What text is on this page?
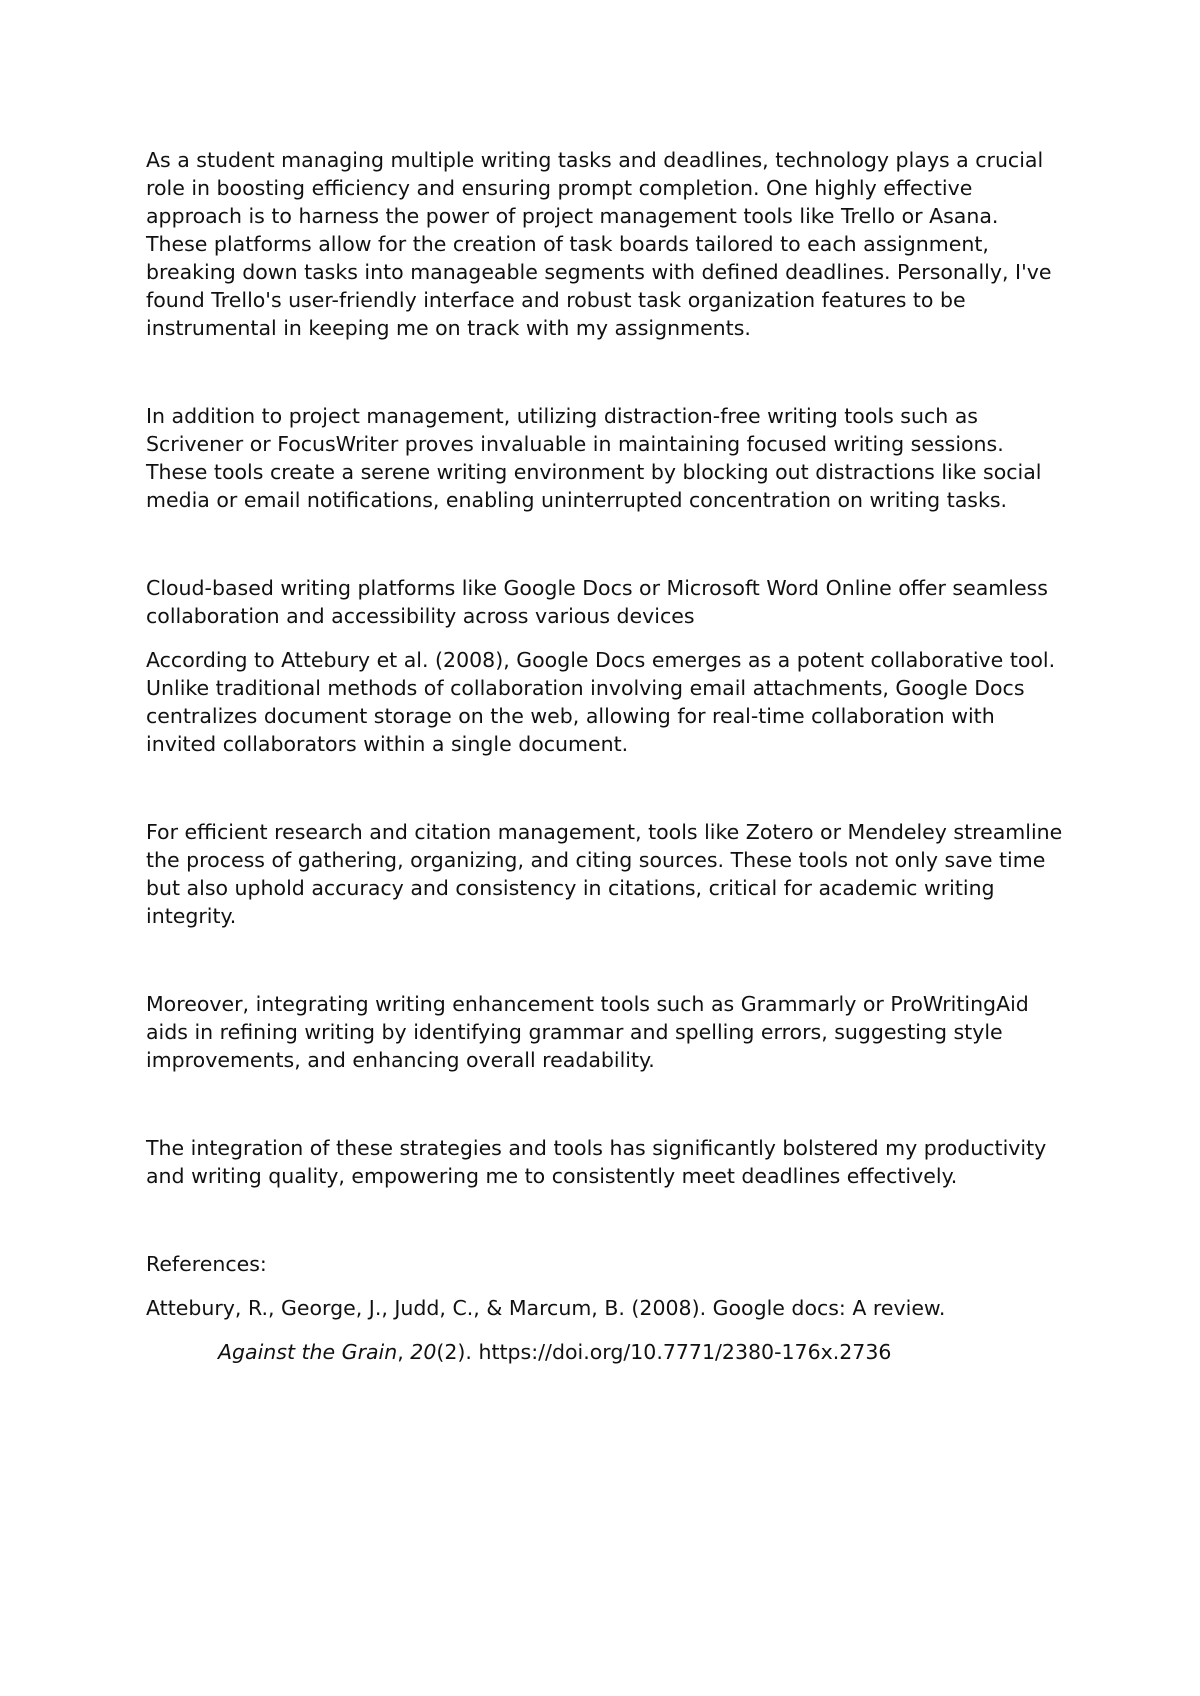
As a student managing multiple writing tasks and deadlines, technology plays a crucial role in boosting efficiency and ensuring prompt completion. One highly effective approach is to harness the power of project management tools like Trello or Asana. These platforms allow for the creation of task boards tailored to each assignment, breaking down tasks into manageable segments with defined deadlines. Personally, I've found Trello's user-friendly interface and robust task organization features to be instrumental in keeping me on track with my assignments.

In addition to project management, utilizing distraction-free writing tools such as Scrivener or FocusWriter proves invaluable in maintaining focused writing sessions. These tools create a serene writing environment by blocking out distractions like social media or email notifications, enabling uninterrupted concentration on writing tasks.

Cloud-based writing platforms like Google Docs or Microsoft Word Online offer seamless collaboration and accessibility across various devices

According to Attebury et al. (2008), Google Docs emerges as a potent collaborative tool. Unlike traditional methods of collaboration involving email attachments, Google Docs centralizes document storage on the web, allowing for real-time collaboration with invited collaborators within a single document.

For efficient research and citation management, tools like Zotero or Mendeley streamline the process of gathering, organizing, and citing sources. These tools not only save time but also uphold accuracy and consistency in citations, critical for academic writing integrity.

Moreover, integrating writing enhancement tools such as Grammarly or ProWritingAid aids in refining writing by identifying grammar and spelling errors, suggesting style improvements, and enhancing overall readability.

The integration of these strategies and tools has significantly bolstered my productivity and writing quality, empowering me to consistently meet deadlines effectively.

References:

Attebury, R., George, J., Judd, C., & Marcum, B. (2008). Google docs: A review.

Against the Grain, 20(2). https://doi.org/10.7771/2380-176x.2736
